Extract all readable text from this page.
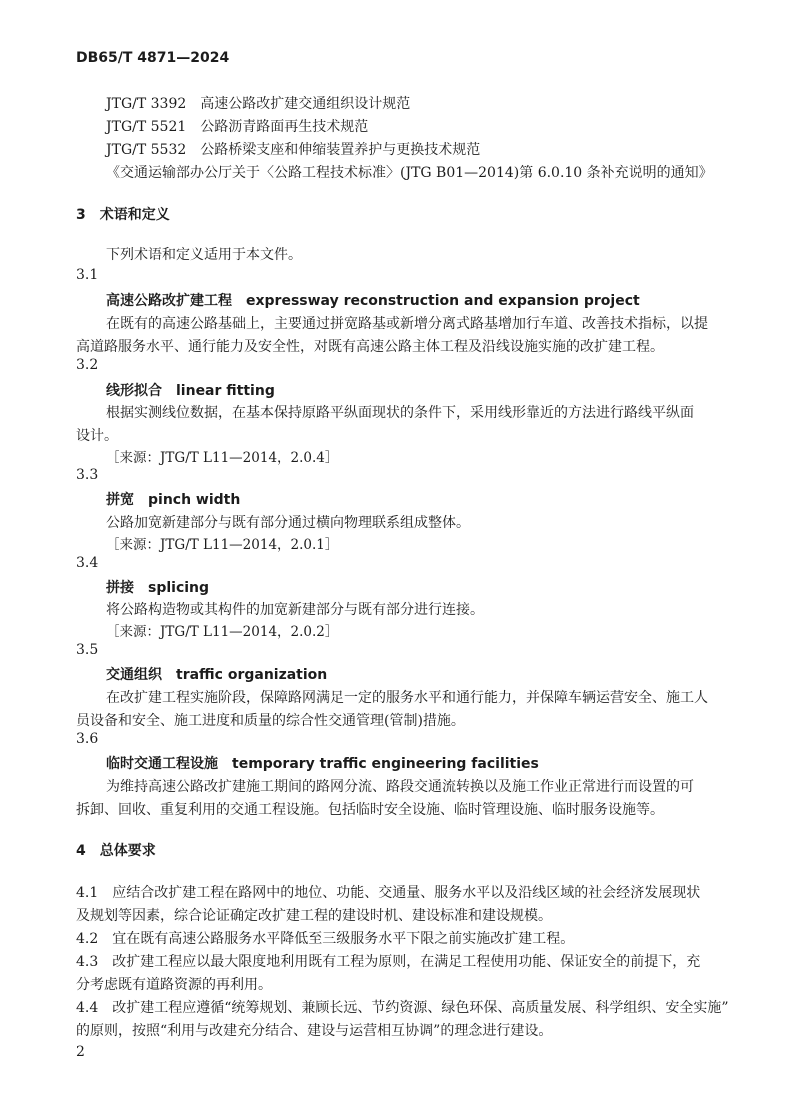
DB65/T 4871—2024
JTG/T 3392　高速公路改扩建交通组织设计规范
JTG/T 5521　公路沥青路面再生技术规范
JTG/T 5532　公路桥梁支座和伸缩装置养护与更换技术规范
《交通运输部办公厅关于〈公路工程技术标准〉(JTG B01—2014)第 6.0.10 条补充说明的通知》
3　术语和定义
下列术语和定义适用于本文件。
3.1
高速公路改扩建工程 expressway reconstruction and expansion project
在既有的高速公路基础上，主要通过拼宽路基或新增分离式路基增加行车道、改善技术指标，以提
高道路服务水平、通行能力及安全性，对既有高速公路主体工程及沿线设施实施的改扩建工程。
3.2
线形拟合 linear fitting
根据实测线位数据，在基本保持原路平纵面现状的条件下，采用线形靠近的方法进行路线平纵面
设计。
［来源：JTG/T L11—2014，2.0.4］
3.3
拼宽 pinch width
公路加宽新建部分与既有部分通过横向物理联系组成整体。
［来源：JTG/T L11—2014，2.0.1］
3.4
拼接 splicing
将公路构造物或其构件的加宽新建部分与既有部分进行连接。
［来源：JTG/T L11—2014，2.0.2］
3.5
交通组织 traffic organization
在改扩建工程实施阶段，保障路网满足一定的服务水平和通行能力，并保障车辆运营安全、施工人
员设备和安全、施工进度和质量的综合性交通管理(管制)措施。
3.6
临时交通工程设施 temporary traffic engineering facilities
为维持高速公路改扩建施工期间的路网分流、路段交通流转换以及施工作业正常进行而设置的可
拆卸、回收、重复利用的交通工程设施。包括临时安全设施、临时管理设施、临时服务设施等。
4　总体要求
4.1　应结合改扩建工程在路网中的地位、功能、交通量、服务水平以及沿线区域的社会经济发展现状
及规划等因素，综合论证确定改扩建工程的建设时机、建设标准和建设规模。
4.2　宜在既有高速公路服务水平降低至三级服务水平下限之前实施改扩建工程。
4.3　改扩建工程应以最大限度地利用既有工程为原则，在满足工程使用功能、保证安全的前提下，充
分考虑既有道路资源的再利用。
4.4　改扩建工程应遵循“统筹规划、兼顾长远、节约资源、绿色环保、高质量发展、科学组织、安全实施”
的原则，按照“利用与改建充分结合、建设与运营相互协调”的理念进行建设。
2
